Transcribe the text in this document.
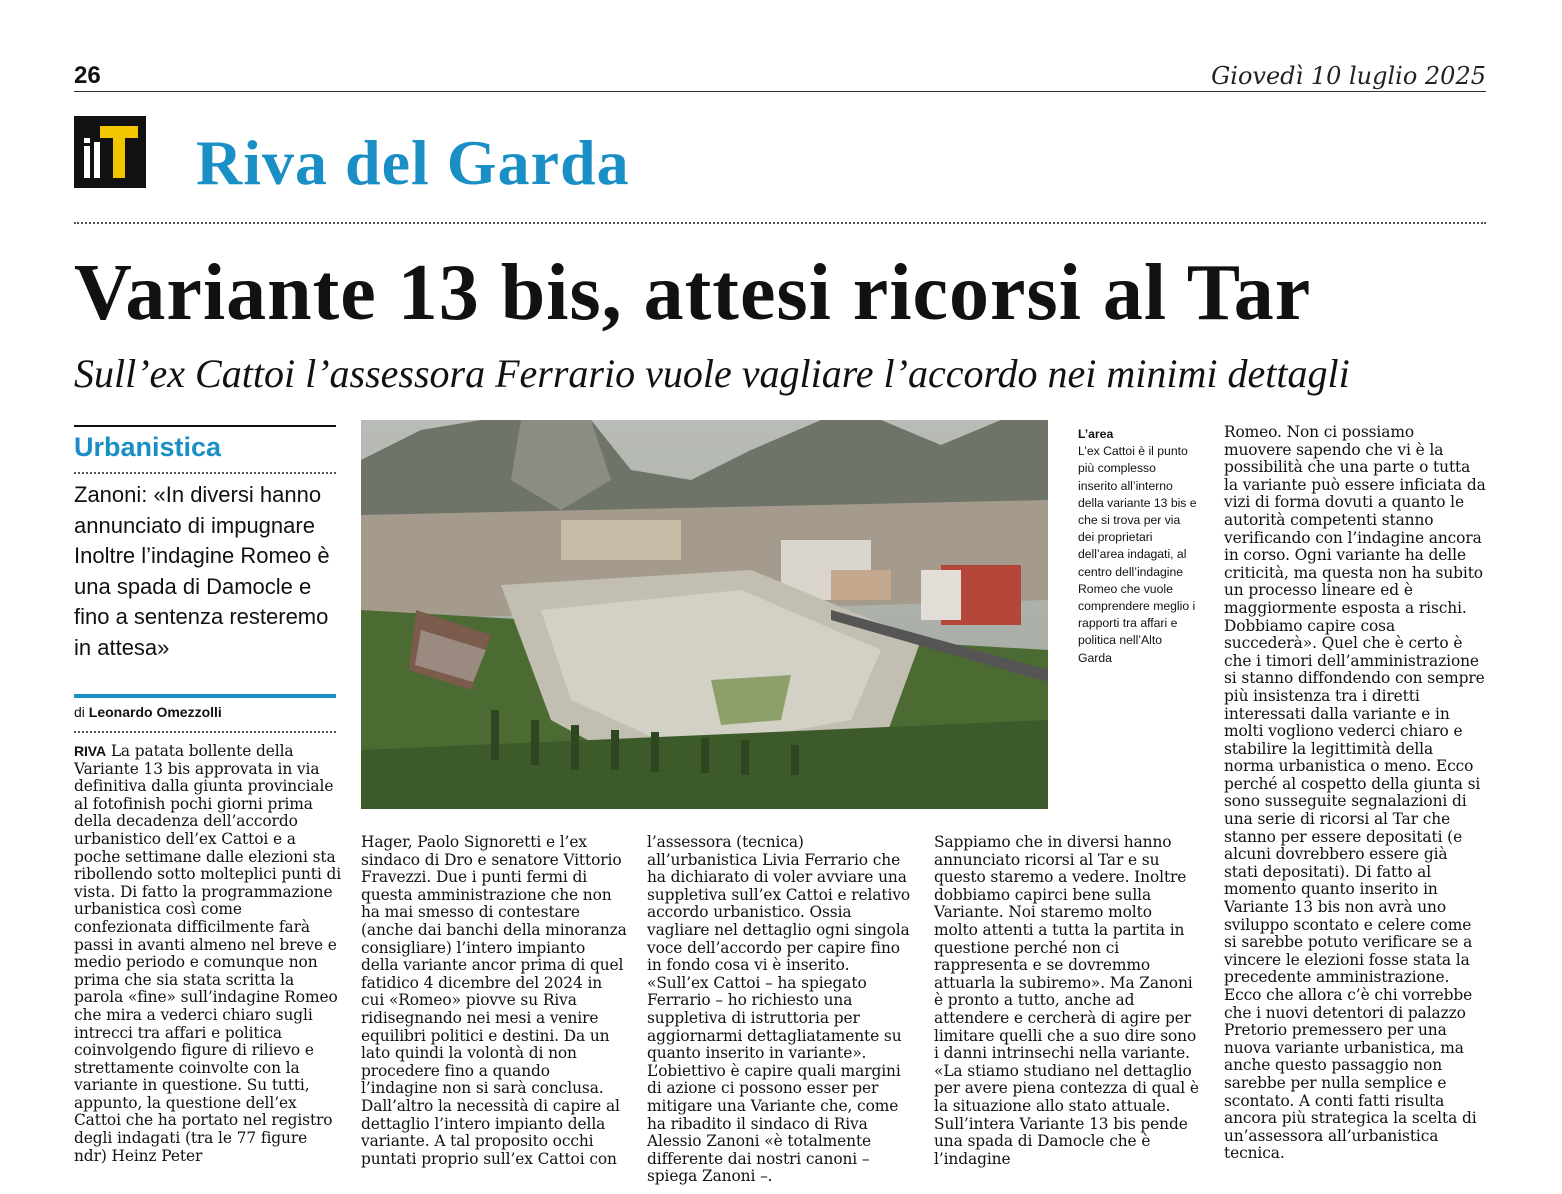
26	Giovedì 10 luglio 2025
Riva del Garda
Variante 13 bis, attesi ricorsi al Tar
Sull’ex Cattoi l’assessora Ferrario vuole vagliare l’accordo nei minimi dettagli
Urbanistica
Zanoni: «In diversi hanno annunciato di impugnare Inoltre l’indagine Romeo è una spada di Damocle e fino a sentenza resteremo in attesa»
di Leonardo Omezzolli

RIVA La patata bollente della Variante 13 bis approvata in via definitiva dalla giunta provinciale al fotofinish pochi giorni prima della decadenza dell’accordo urbanistico dell’ex Cattoi e a poche settimane dalle elezioni sta ribollendo sotto molteplici punti di vista. Di fatto la programmazione urbanistica così come confezionata difficilmente farà passi in avanti almeno nel breve e medio periodo e comunque non prima che sia stata scritta la parola «fine» sull’indagine Romeo che mira a vederci chiaro sugli intrecci tra affari e politica coinvolgendo figure di rilievo e strettamente coinvolte con la variante in questione. Su tutti, appunto, la questione dell’ex Cattoi che ha portato nel registro degli indagati (tra le 77 figure ndr) Heinz Peter

L’area
L’ex Cattoi è il punto più complesso inserito all’interno della variante 13 bis e che si trova per via dei proprietari dell’area indagati, al centro dell’indagine Romeo che vuole comprendere meglio i rapporti tra affari e politica nell’Alto Garda

Hager, Paolo Signoretti e l’ex sindaco di Dro e senatore Vittorio Fravezzi. Due i punti fermi di questa amministrazione che non ha mai smesso di contestare (anche dai banchi della minoranza consigliare) l’intero impianto della variante ancor prima di quel fatidico 4 dicembre del 2024 in cui «Romeo» piovve su Riva ridisegnando nei mesi a venire equilibri politici e destini. Da un lato quindi la volontà di non procedere fino a quando l’indagine non si sarà conclusa. Dall’altro la necessità di capire al dettaglio l’intero impianto della variante. A tal proposito occhi puntati proprio sull’ex Cattoi con

l’assessora (tecnica) all’urbanistica Livia Ferrario che ha dichiarato di voler avviare una suppletiva sull’ex Cattoi e relativo accordo urbanistico. Ossia vagliare nel dettaglio ogni singola voce dell’accordo per capire fino in fondo cosa vi è inserito. «Sull’ex Cattoi – ha spiegato Ferrario – ho richiesto una suppletiva di istruttoria per aggiornarmi dettagliatamente su quanto inserito in variante». L’obiettivo è capire quali margini di azione ci possono esser per mitigare una Variante che, come ha ribadito il sindaco di Riva Alessio Zanoni «è totalmente differente dai nostri canoni – spiega Zanoni –.

Sappiamo che in diversi hanno annunciato ricorsi al Tar e su questo staremo a vedere. Inoltre dobbiamo capirci bene sulla Variante. Noi staremo molto molto attenti a tutta la partita in questione perché non ci rappresenta e se dovremmo attuarla la subiremo». Ma Zanoni è pronto a tutto, anche ad attendere e cercherà di agire per limitare quelli che a suo dire sono i danni intrinsechi nella variante. «La stiamo studiano nel dettaglio per avere piena contezza di qual è la situazione allo stato attuale. Sull’intera Variante 13 bis pende una spada di Damocle che è l’indagine

Romeo. Non ci possiamo muovere sapendo che vi è la possibilità che una parte o tutta la variante può essere inficiata da vizi di forma dovuti a quanto le autorità competenti stanno verificando con l’indagine ancora in corso. Ogni variante ha delle criticità, ma questa non ha subito un processo lineare ed è maggiormente esposta a rischi. Dobbiamo capire cosa succederà». Quel che è certo è che i timori dell’amministrazione si stanno diffondendo con sempre più insistenza tra i diretti interessati dalla variante e in molti vogliono vederci chiaro e stabilire la legittimità della norma urbanistica o meno. Ecco perché al cospetto della giunta si sono susseguite segnalazioni di una serie di ricorsi al Tar che stanno per essere depositati (e alcuni dovrebbero essere già stati depositati). Di fatto al momento quanto inserito in Variante 13 bis non avrà uno sviluppo scontato e celere come si sarebbe potuto verificare se a vincere le elezioni fosse stata la precedente amministrazione. Ecco che allora c’è chi vorrebbe che i nuovi detentori di palazzo Pretorio premessero per una nuova variante urbanistica, ma anche questo passaggio non sarebbe per nulla semplice e scontato. A conti fatti risulta ancora più strategica la scelta di un’assessora all’urbanistica tecnica.
